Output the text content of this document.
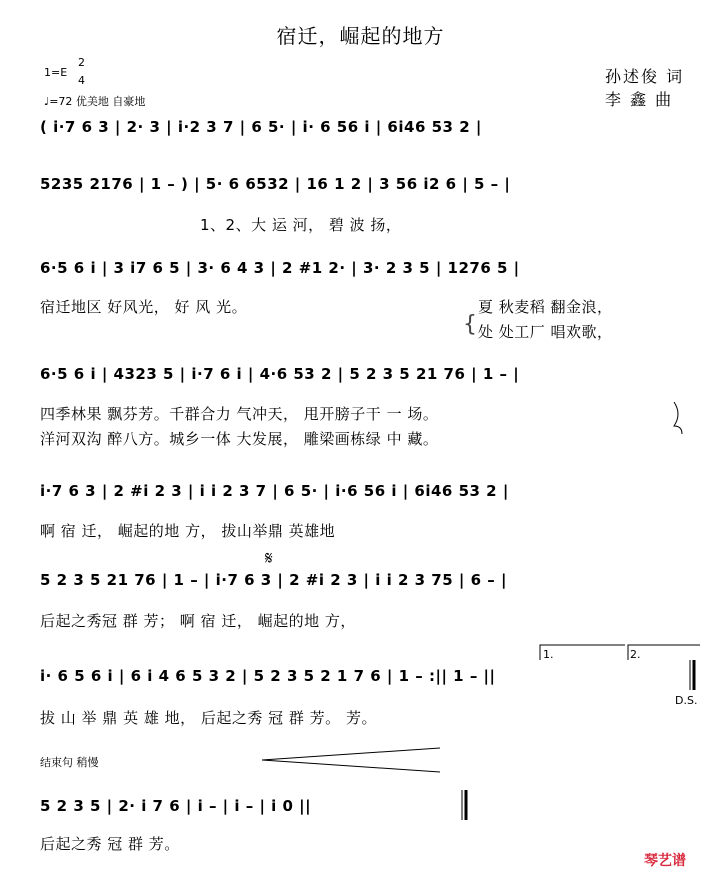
宿迁，崛起的地方
孙述俊 词
李 鑫 曲
1=E
2
4
♩=72 优美地 自豪地
( i·7 6 3 | 2· 3 | i·2 3 7 | 6 5· | i· 6 56 i | 6i46 53 2 |
5235 2176 | 1 – ) | 5· 6 6532 | 16 1 2 | 3 56 i2 6 | 5 – |
1、2、大 运 河， 碧 波 扬，
6·5 6 i | 3 i7 6 5 | 3· 6 4 3 | 2 #1 2· | 3· 2 3 5 | 1276 5 |
宿迁地区 好风光， 好 风 光。
{
夏 秋麦稻 翻金浪，
处 处工厂 唱欢歌，
6·5 6 i | 4323 5 | i·7 6 i | 4·6 53 2 | 5 2 3 5 21 76 | 1 – |
四季林果 飘芬芳。千群合力 气冲天， 甩开膀子干 一 场。
洋河双沟 醉八方。城乡一体 大发展， 雕梁画栋绿 中 藏。
i·7 6 3 | 2 #i 2 3 | i i 2 3 7 | 6 5· | i·6 56 i | 6i46 53 2 |
啊 宿 迁， 崛起的地 方， 拔山举鼎 英雄地
5 2 3 5 21 76 | 1 – | i·7 6 3 | 2 #i 2 3 | i i 2 3 75 | 6 – |
后起之秀冠 群 芳； 啊 宿 迁， 崛起的地 方，
𝄋
i· 6 5 6 i | 6 i 4 6 5 3 2 | 5 2 3 5 2 1 7 6 | 1 – :|| 1 – ||
拔 山 举 鼎 英 雄 地， 后起之秀 冠 群 芳。 芳。
1.	2.
D.S.
结束句 稍慢
5 2 3 5 | 2· i 7 6 | i – | i – | i 0 ||
后起之秀 冠 群 芳。
琴艺谱
